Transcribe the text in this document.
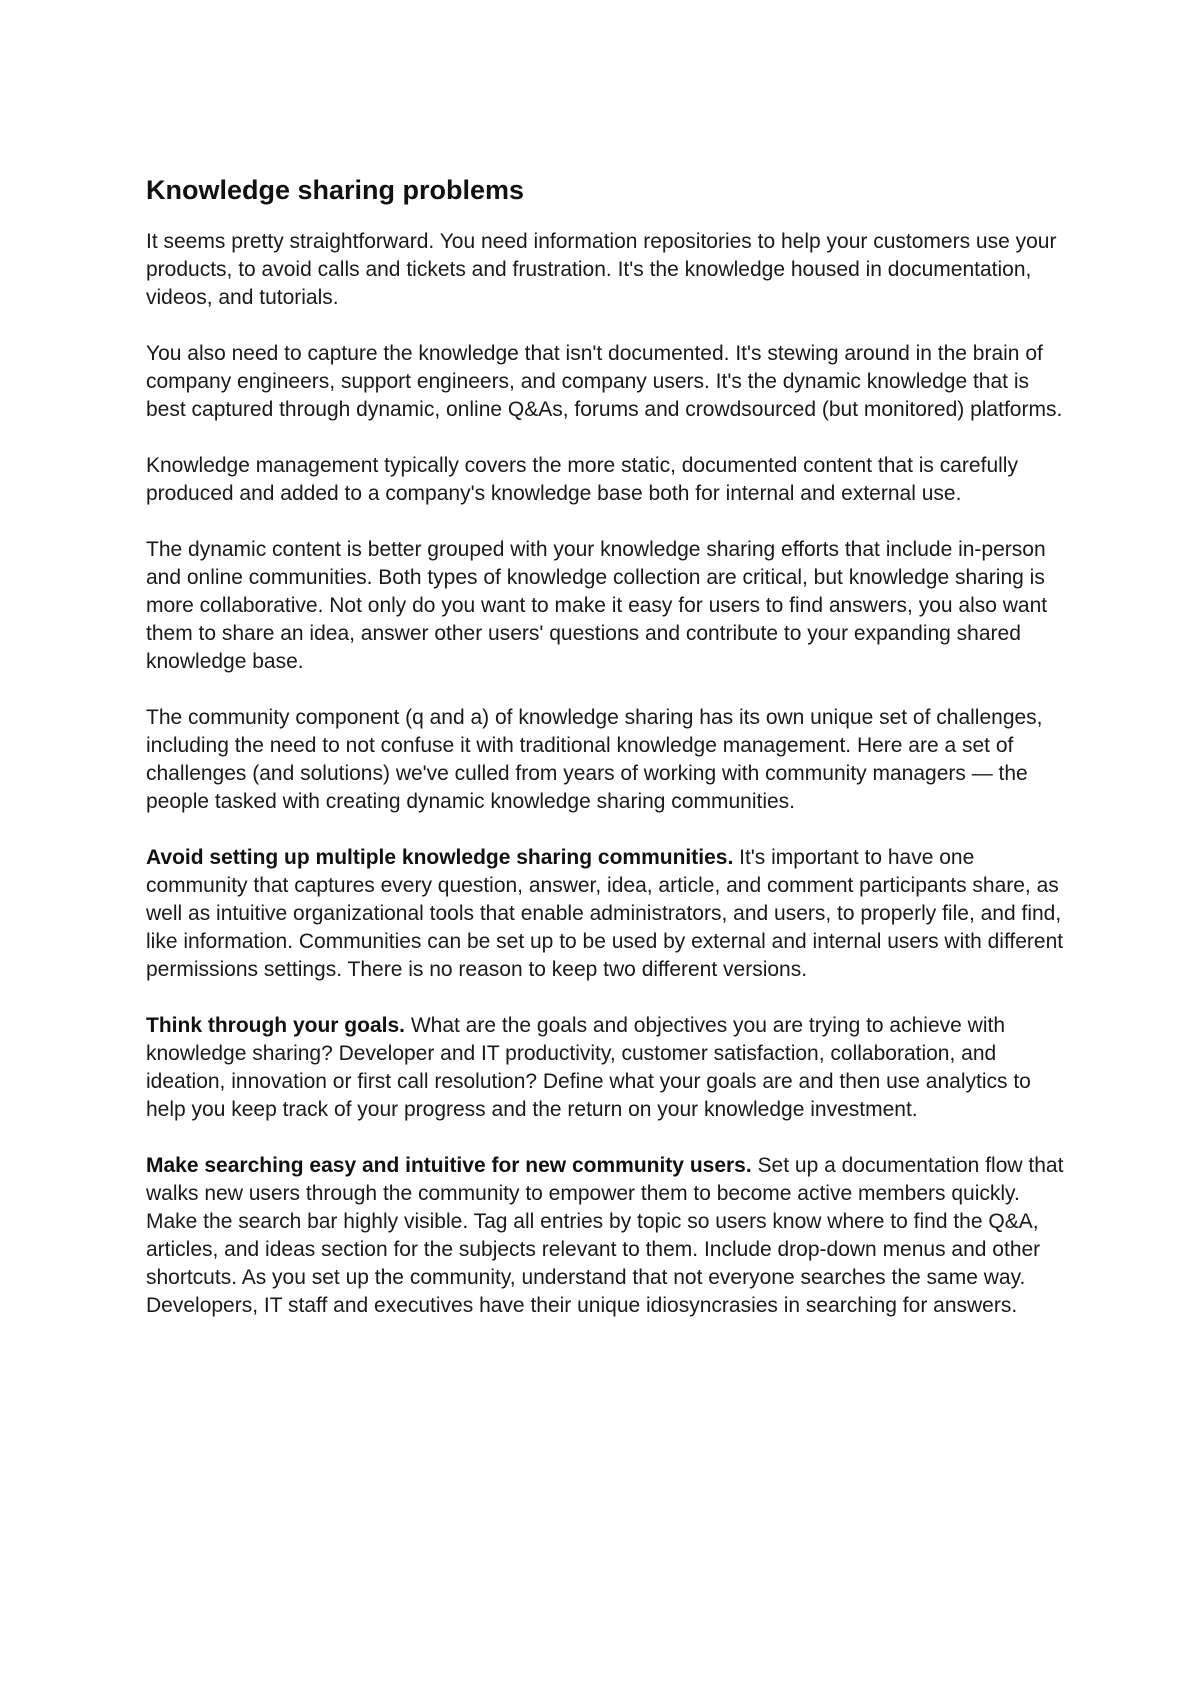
Knowledge sharing problems

It seems pretty straightforward. You need information repositories to help your customers use your products, to avoid calls and tickets and frustration. It's the knowledge housed in documentation, videos, and tutorials.

You also need to capture the knowledge that isn't documented. It's stewing around in the brain of company engineers, support engineers, and company users. It's the dynamic knowledge that is best captured through dynamic, online Q&As, forums and crowdsourced (but monitored) platforms.

Knowledge management typically covers the more static, documented content that is carefully produced and added to a company's knowledge base both for internal and external use.

The dynamic content is better grouped with your knowledge sharing efforts that include in-person and online communities. Both types of knowledge collection are critical, but knowledge sharing is more collaborative. Not only do you want to make it easy for users to find answers, you also want them to share an idea, answer other users' questions and contribute to your expanding shared knowledge base.

The community component (q and a) of knowledge sharing has its own unique set of challenges, including the need to not confuse it with traditional knowledge management. Here are a set of challenges (and solutions) we've culled from years of working with community managers — the people tasked with creating dynamic knowledge sharing communities.

Avoid setting up multiple knowledge sharing communities. It's important to have one community that captures every question, answer, idea, article, and comment participants share, as well as intuitive organizational tools that enable administrators, and users, to properly file, and find, like information. Communities can be set up to be used by external and internal users with different permissions settings. There is no reason to keep two different versions.

Think through your goals. What are the goals and objectives you are trying to achieve with knowledge sharing? Developer and IT productivity, customer satisfaction, collaboration, and ideation, innovation or first call resolution? Define what your goals are and then use analytics to help you keep track of your progress and the return on your knowledge investment.

Make searching easy and intuitive for new community users. Set up a documentation flow that walks new users through the community to empower them to become active members quickly. Make the search bar highly visible. Tag all entries by topic so users know where to find the Q&A, articles, and ideas section for the subjects relevant to them. Include drop-down menus and other shortcuts. As you set up the community, understand that not everyone searches the same way. Developers, IT staff and executives have their unique idiosyncrasies in searching for answers.
